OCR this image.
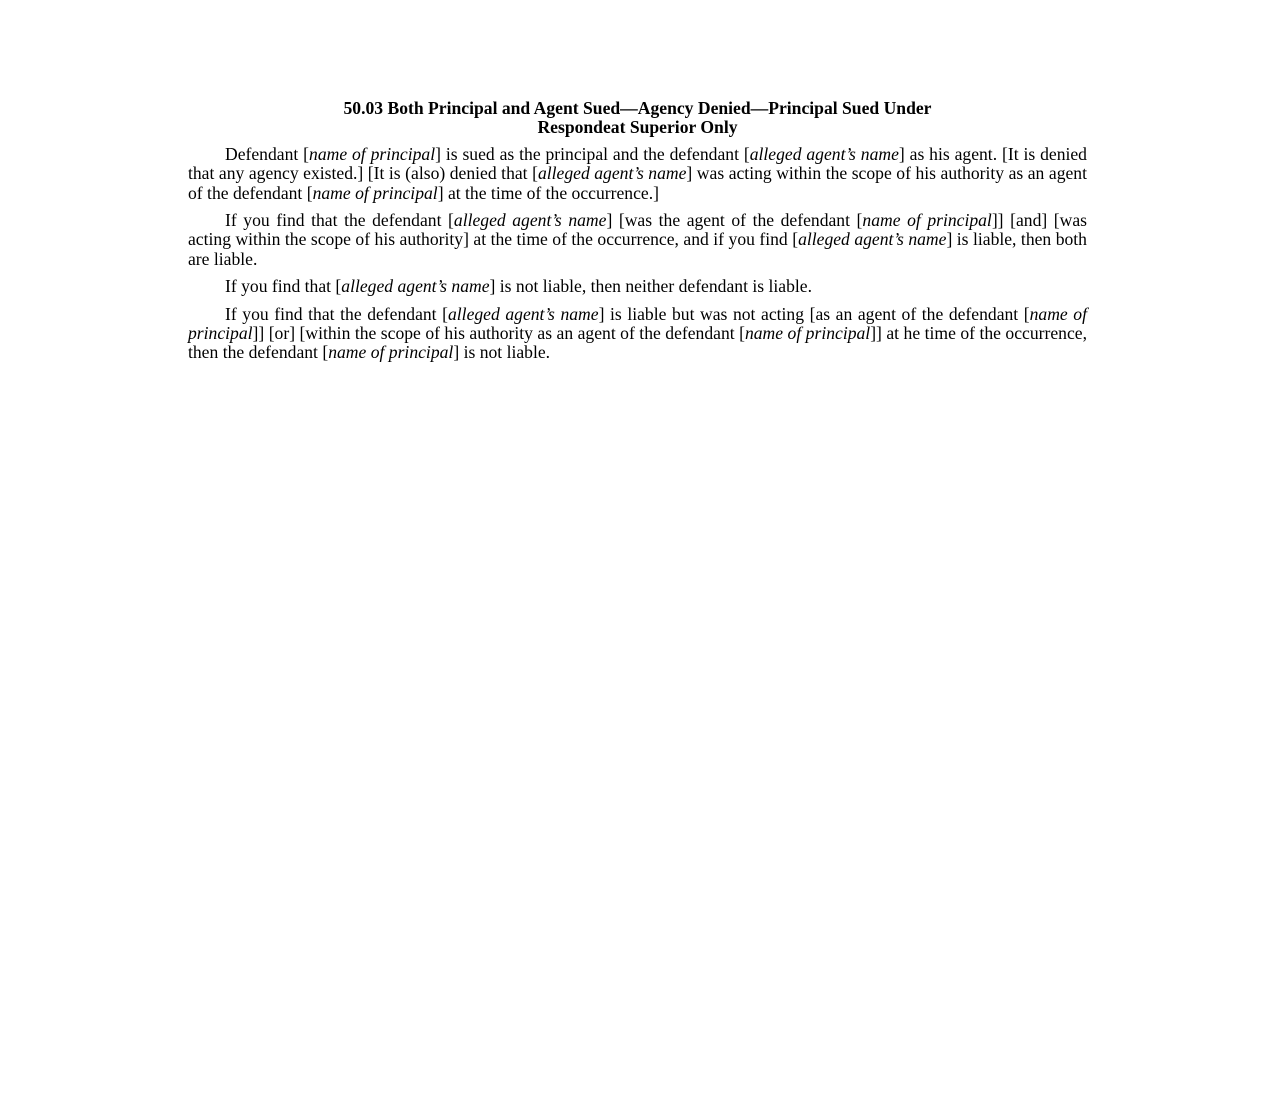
50.03 Both Principal and Agent Sued—Agency Denied—Principal Sued Under
Respondeat Superior Only

Defendant [name of principal] is sued as the principal and the defendant [alleged agent’s name] as his agent. [It is denied that any agency existed.] [It is (also) denied that [alleged agent’s name] was acting within the scope of his authority as an agent of the defendant [name of principal] at the time of the occurrence.]

If you find that the defendant [alleged agent’s name] [was the agent of the defendant [name of principal]] [and] [was acting within the scope of his authority] at the time of the occurrence, and if you find [alleged agent’s name] is liable, then both are liable.

If you find that [alleged agent’s name] is not liable, then neither defendant is liable.

If you find that the defendant [alleged agent’s name] is liable but was not acting [as an agent of the defendant [name of principal]] [or] [within the scope of his authority as an agent of the defendant [name of principal]] at he time of the occurrence, then the defendant [name of principal] is not liable.
